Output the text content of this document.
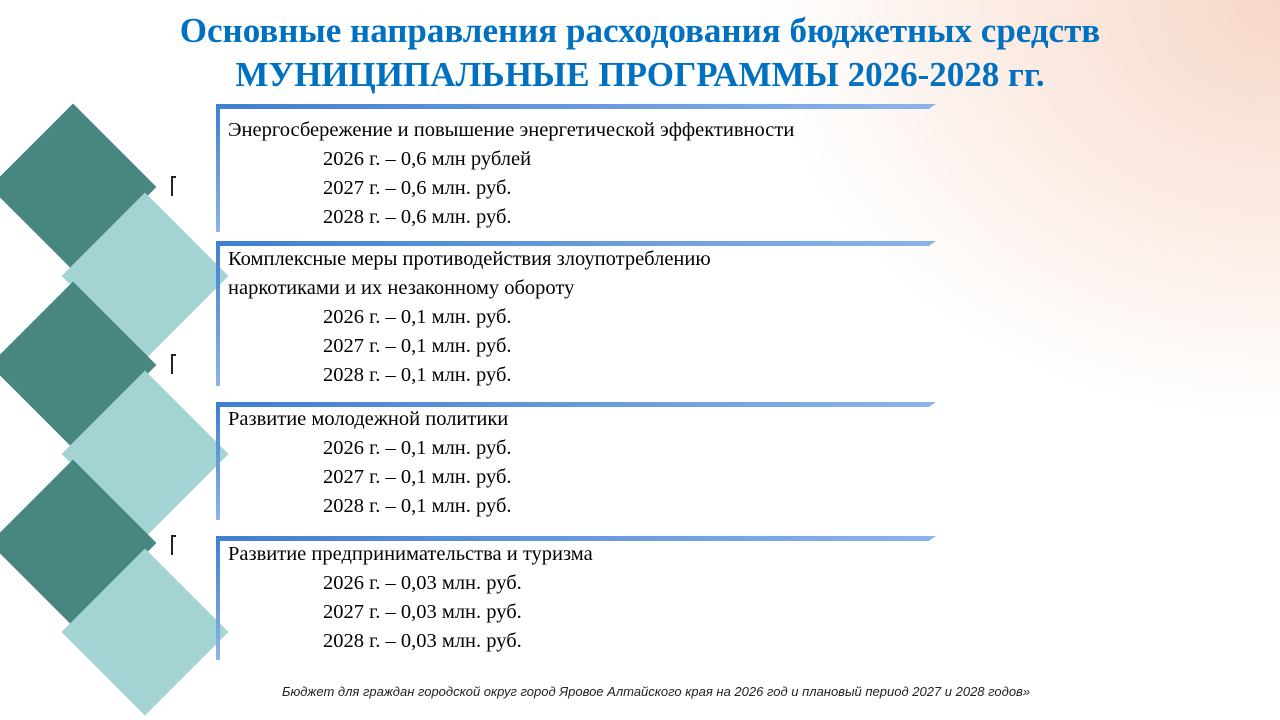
Основные направления расходования бюджетных средств
МУНИЦИПАЛЬНЫЕ ПРОГРАММЫ 2026-2028 гг.

Энергосбережение и повышение энергетической эффективности

2026 г. – 0,6 млн рублей

2027 г. – 0,6 млн. руб.

2028 г. – 0,6 млн. руб.

Комплексные меры противодействия злоупотреблению

наркотиками и их незаконному обороту

2026 г. – 0,1 млн. руб.

2027 г. – 0,1 млн. руб.

2028 г. – 0,1 млн. руб.

Развитие молодежной политики

2026 г. – 0,1 млн. руб.

2027 г. – 0,1 млн. руб.

2028 г. – 0,1 млн. руб.

Развитие предпринимательства и туризма

2026 г. – 0,03 млн. руб.

2027 г. – 0,03 млн. руб.

2028 г. – 0,03 млн. руб.

Бюджет для граждан городской округ город Яровое Алтайского края на 2026 год и плановый период 2027 и 2028 годов»
